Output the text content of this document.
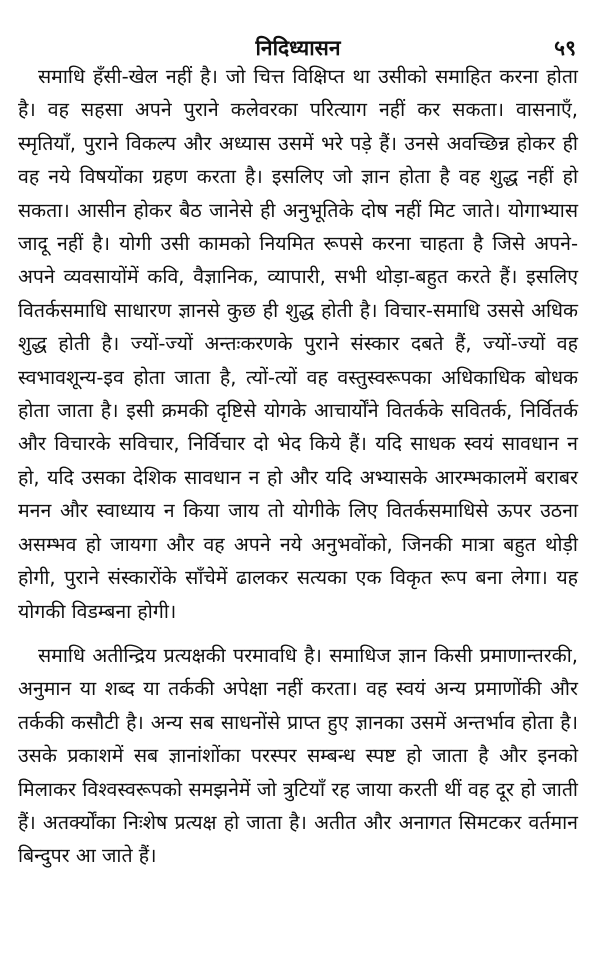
निदिध्यासन	५९

समाधि हँसी-खेल नहीं है। जो चित्त विक्षिप्त था उसीको समाहित करना होता है। वह सहसा अपने पुराने कलेवरका परित्याग नहीं कर सकता। वासनाएँ, स्मृतियाँ, पुराने विकल्प और अध्यास उसमें भरे पड़े हैं। उनसे अवच्छिन्न होकर ही वह नये विषयोंका ग्रहण करता है। इसलिए जो ज्ञान होता है वह शुद्ध नहीं हो सकता। आसीन होकर बैठ जानेसे ही अनुभूतिके दोष नहीं मिट जाते। योगाभ्यास जादू नहीं है। योगी उसी कामको नियमित रूपसे करना चाहता है जिसे अपने-अपने व्यवसायोंमें कवि, वैज्ञानिक, व्यापारी, सभी थोड़ा-बहुत करते हैं। इसलिए वितर्कसमाधि साधारण ज्ञानसे कुछ ही शुद्ध होती है। विचार-समाधि उससे अधिक शुद्ध होती है। ज्यों-ज्यों अन्तःकरणके पुराने संस्कार दबते हैं, ज्यों-ज्यों वह स्वभावशून्य-इव होता जाता है, त्यों-त्यों वह वस्तुस्वरूपका अधिकाधिक बोधक होता जाता है। इसी क्रमकी दृष्टिसे योगके आचार्योंने वितर्कके सवितर्क, निर्वितर्क और विचारके सविचार, निर्विचार दो भेद किये हैं। यदि साधक स्वयं सावधान न हो, यदि उसका देशिक सावधान न हो और यदि अभ्यासके आरम्भकालमें बराबर मनन और स्वाध्याय न किया जाय तो योगीके लिए वितर्कसमाधिसे ऊपर उठना असम्भव हो जायगा और वह अपने नये अनुभवोंको, जिनकी मात्रा बहुत थोड़ी होगी, पुराने संस्कारोंके साँचेमें ढालकर सत्यका एक विकृत रूप बना लेगा। यह योगकी विडम्बना होगी।

समाधि अतीन्द्रिय प्रत्यक्षकी परमावधि है। समाधिज ज्ञान किसी प्रमाणान्तरकी, अनुमान या शब्द या तर्ककी अपेक्षा नहीं करता। वह स्वयं अन्य प्रमाणोंकी और तर्ककी कसौटी है। अन्य सब साधनोंसे प्राप्त हुए ज्ञानका उसमें अन्तर्भाव होता है। उसके प्रकाशमें सब ज्ञानांशोंका परस्पर सम्बन्ध स्पष्ट हो जाता है और इनको मिलाकर विश्वस्वरूपको समझनेमें जो त्रुटियाँ रह जाया करती थीं वह दूर हो जाती हैं। अतर्क्योंका निःशेष प्रत्यक्ष हो जाता है। अतीत और अनागत सिमटकर वर्तमान बिन्दुपर आ जाते हैं।
